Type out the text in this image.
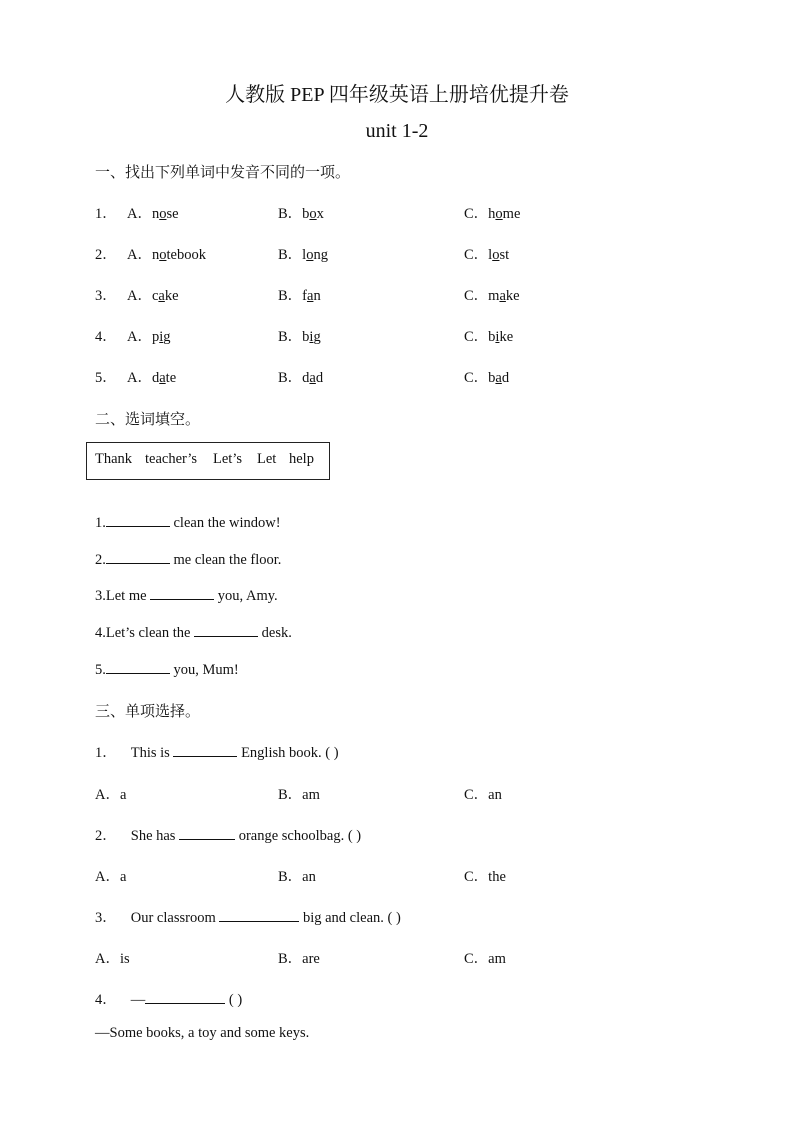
人教版 PEP 四年级英语上册培优提升卷
unit 1-2
一、找出下列单词中发音不同的一项。
1． A．nose	B．box	C．home
2． A．notebook	B．long	C．lost
3． A．cake	B．fan	C．make
4． A．pig	B．big	C．bike
5． A．date	B．dad	C．bad
二、选词填空。
Thank teacher’s Let’s Let help
1.	clean the window!
2.	me clean the floor.
3.Let me	you, Amy.
4.Let’s clean the	desk.
5.	you, Mum!
三、单项选择。
1． This is	English book. ( )
A．a	B．am	C．an
2． She has	orange schoolbag. ( )
A．a	B．an	C．the
3． Our classroom	big and clean. ( )
A．is	B．are	C．am
4． —	( )
—Some books, a toy and some keys.
